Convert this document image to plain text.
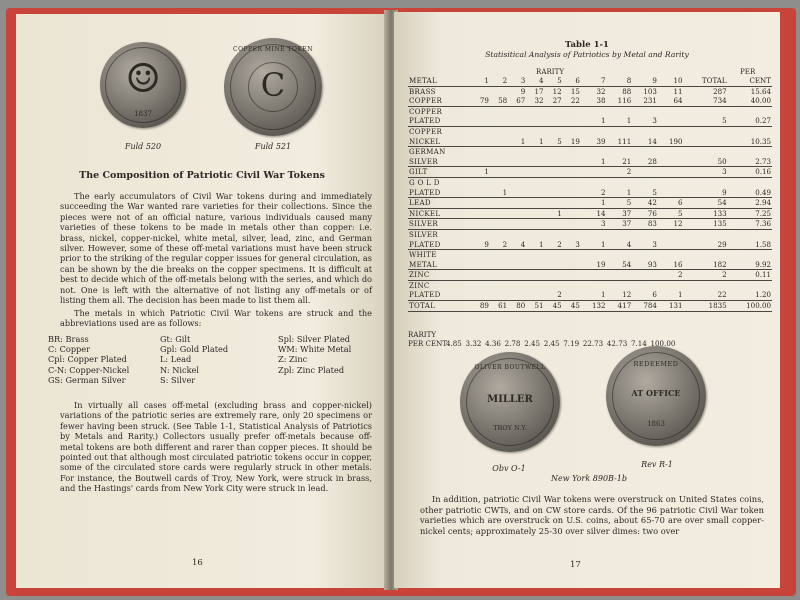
☺
1837
Fuld 520
C
COPPER MINE TOKEN
Fuld 521
The Composition of Patriotic Civil War Tokens
The early accumulators of Civil War tokens during and immediately succeeding the War wanted rare varieties for their collections. Since the pieces were not of an official nature, various individuals caused many varieties of these tokens to be made in metals other than copper: i.e. brass, nickel, copper-nickel, white metal, silver, lead, zinc, and German silver. However, some of these off-metal variations must have been struck prior to the striking of the regular copper issues for general circulation, as can be shown by the die breaks on the copper specimens. It is difficult at best to decide which of the off-metals belong with the series, and which do not. One is left with the alternative of not listing any off-metals or of listing them all. The decision has been made to list them all.
The metals in which Patriotic Civil War tokens are struck and the abbreviations used are as follows:
BR: Brass
C: Copper
Cpl: Copper Plated
C-N: Copper-Nickel
GS: German Silver
Gt: Gilt
Gpl: Gold Plated
L: Lead
N: Nickel
S: Silver
Spl: Silver Plated
WM: White Metal
Z: Zinc
Zpl: Zinc Plated
In virtually all cases off-metal (excluding brass and copper-nickel) variations of the patriotic series are extremely rare, only 20 specimens or fewer having been struck. (See Table 1-1, Statistical Analysis of Patriotics by Metals and Rarity.) Collectors usually prefer off-metals because off-metal tokens are both different and rarer than copper pieces. It should be pointed out that although most circulated patriotic tokens occur in copper, some of the circulated store cards were regularly struck in other metals. For instance, the Boutwell cards of Troy, New York, were struck in brass, and the Hastings' cards from New York City were struck in lead.
16
Table 1-1
Statisitical Analysis of Patriotics by Metal and Rarity
RARITY	PER
METAL	1	2	3	4	5	6	7	8	9	10	TOTAL	CENT
BRASS			9	17	12	15	32	88	103	11	287	15.64
COPPER	79	58	67	32	27	22	38	116	231	64	734	40.00
COPPER												
PLATED							1	1	3		5	0.27
COPPER												
NICKEL			1	1	5	19	39	111	14	190		10.35
GERMAN												
SILVER							1	21	28		50	2.73
GILT	1							2			3	0.16
G O L D												
PLATED		1					2	1	5		9	0.49
LEAD							1	5	42	6	54	2.94
NICKEL					1		14	37	76	5	133	7.25
SILVER							3	37	83	12	135	7.36
SILVER												
PLATED	9	2	4	1	2	3	1	4	3		29	1.58
WHITE												
METAL							19	54	93	16	182	9.92
ZINC										2	2	0.11
ZINC												
PLATED					2		1	12	6	1	22	1.20
TOTAL	89	61	80	51	45	45	132	417	784	131	1835	100.00
RARITY
PER CENT
4.85 3.32 4.36 2.78 2.45 2.45 7.19 22.73 42.73 7.14 100.00
OLIVER BOUTWELL
MILLER
TROY N.Y.
Obv O-1
REDEEMED
AT OFFICE
1863
Rev R-1
New York 890B-1b
In addition, patriotic Civil War tokens were overstruck on United States coins, other patriotic CWTs, and on CW store cards. Of the 96 patriotic Civil War token varieties which are overstruck on U.S. coins, about 65-70 are over small copper-nickel cents; approximately 25-30 over silver dimes: two over
17
